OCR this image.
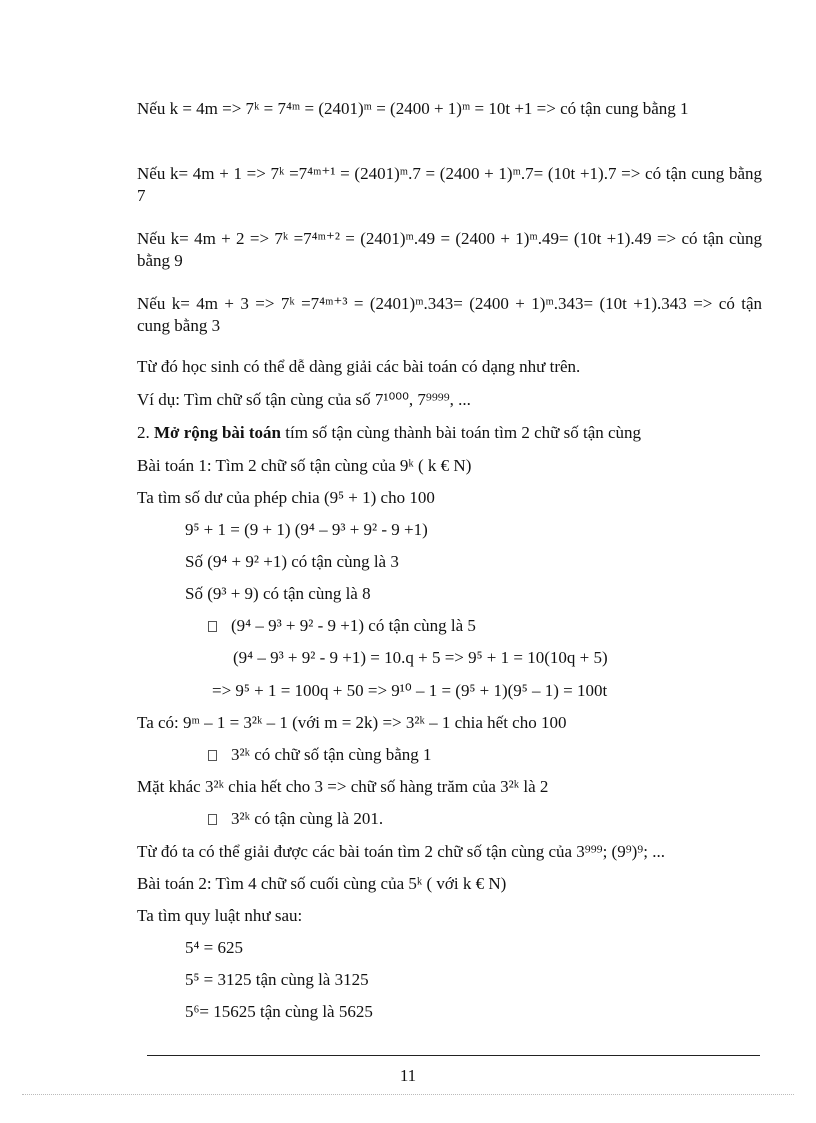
Nếu k = 4m => 7ᵏ = 7⁴ᵐ = (2401)ᵐ = (2400 + 1)ᵐ = 10t +1 => có tận cung bằng 1
Nếu k= 4m + 1 => 7ᵏ =7⁴ᵐ⁺¹ = (2401)ᵐ.7 = (2400 + 1)ᵐ.7= (10t +1).7 => có tận cung bằng 7
Nếu k= 4m + 2 => 7ᵏ =7⁴ᵐ⁺² = (2401)ᵐ.49 = (2400 + 1)ᵐ.49= (10t +1).49 => có tận cùng bằng 9
Nếu k= 4m + 3 => 7ᵏ =7⁴ᵐ⁺³ = (2401)ᵐ.343= (2400 + 1)ᵐ.343= (10t +1).343 => có tận cung bằng 3
Từ đó học sinh có thể dễ dàng giải các bài toán có dạng như trên.
Ví dụ: Tìm chữ số tận cùng của số 7¹⁰⁰⁰, 7⁹⁹⁹⁹, ...
2. Mở rộng bài toán tím số tận cùng thành bài toán tìm 2 chữ số tận cùng
Bài toán 1: Tìm 2 chữ số tận cùng của 9ᵏ ( k € N)
Ta tìm số dư của phép chia (9⁵ + 1) cho 100
9⁵ + 1 = (9 + 1) (9⁴ – 9³ + 9² - 9 +1)
Số (9⁴ + 9² +1) có tận cùng là 3
Số (9³ + 9) có tận cùng là 8
(9⁴ – 9³ + 9² - 9 +1) có tận cùng là 5
(9⁴ – 9³ + 9² - 9 +1) = 10.q + 5 => 9⁵ + 1 = 10(10q + 5)
=> 9⁵ + 1 = 100q + 50 => 9¹⁰ – 1 = (9⁵ + 1)(9⁵ – 1) = 100t
Ta có: 9ᵐ – 1 = 3²ᵏ – 1 (với m = 2k) => 3²ᵏ – 1 chia hết cho 100
3²ᵏ có chữ số tận cùng bằng 1
Mặt khác 3²ᵏ chia hết cho 3 => chữ số hàng trăm của 3²ᵏ là 2
3²ᵏ có tận cùng là 201.
Từ đó ta có thể giải được các bài toán tìm 2 chữ số tận cùng của 3⁹⁹⁹; (9⁹)⁹; ...
Bài toán 2: Tìm 4 chữ số cuối cùng của 5ᵏ ( với k € N)
Ta tìm quy luật như sau:
5⁴ = 625
5⁵ = 3125 tận cùng là 3125
5⁶= 15625 tận cùng là 5625
11
